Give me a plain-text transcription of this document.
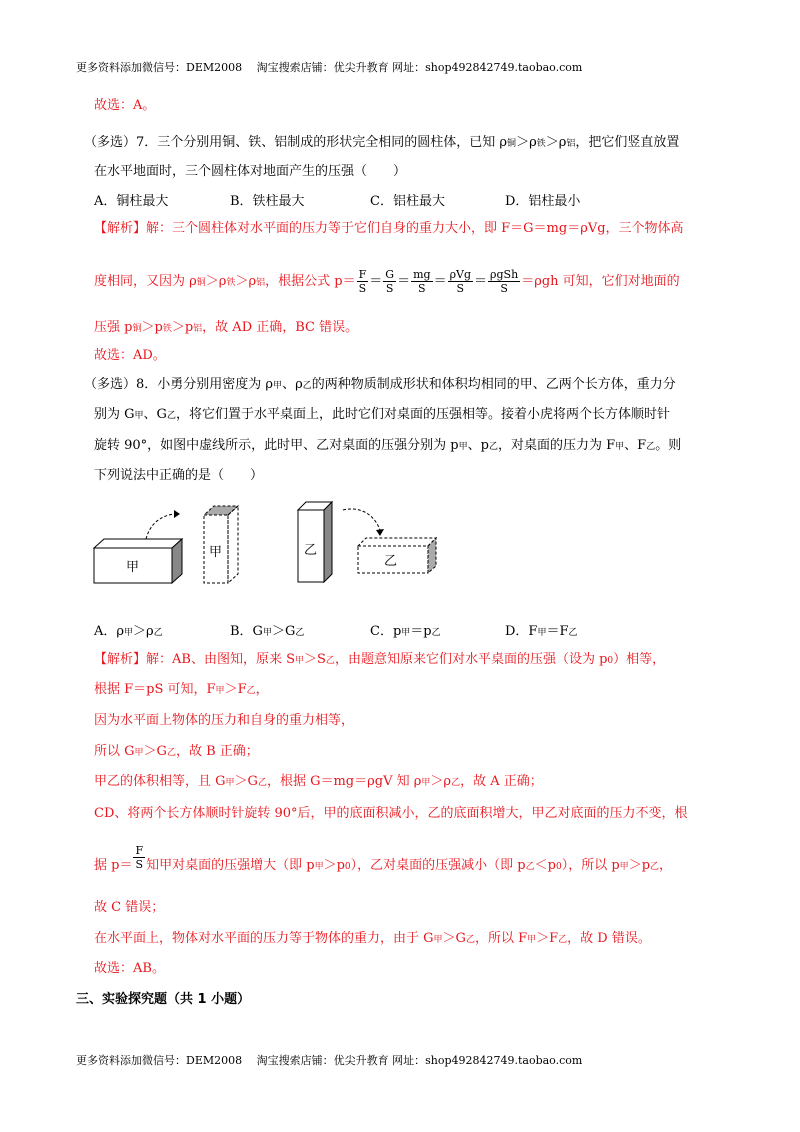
更多资料添加微信号：DEM2008　 淘宝搜索店铺：优尖升教育 网址：shop492842749.taobao.com
故选：A。
（多选）7．三个分别用铜、铁、铝制成的形状完全相同的圆柱体，已知 ρ铜＞ρ铁＞ρ铝，把它们竖直放置
在水平地面时，三个圆柱体对地面产生的压强（　　）
A．铜柱最大	B．铁柱最大	C．铝柱最大	D．铝柱最小
【解析】解：三个圆柱体对水平面的压力等于它们自身的重力大小，即 F＝G＝mg＝ρVg，三个物体高
度相同，又因为 ρ铜＞ρ铁＞ρ铝，根据公式 $p= \frac{F}{S} = \frac{G}{S} = \frac{mg}{S} = \frac{\text{ρVg}}{S} = \frac{\text{ρgSh}}{S} =\rho gh$ 可知，它们对地面的
压强 p铜＞p铁＞p铝，故 AD 正确，BC 错误。
故选：AD。
（多选）8．小勇分别用密度为 ρ甲、ρ乙的两种物质制成形状和体积均相同的甲、乙两个长方体，重力分
别为 G甲、G乙，将它们置于水平桌面上，此时它们对桌面的压强相等。接着小虎将两个长方体顺时针
旋转 90°，如图中虚线所示，此时甲、乙对桌面的压强分别为 p甲、p乙，对桌面的压力为 F甲、F乙。则
下列说法中正确的是（　　）
甲
甲	乙
乙
A．ρ甲＞ρ乙	B．G甲＞G乙	C．p甲＝p乙	D．F甲＝F乙
【解析】解：AB、由图知，原来 S甲＞S乙，由题意知原来它们对水平桌面的压强（设为 p0）相等，
根据 F＝pS 可知，F甲＞F乙，
因为水平面上物体的压力和自身的重力相等，
所以 G甲＞G乙，故 B 正确；
甲乙的体积相等，且 G甲＞G乙，根据 G＝mg＝ρgV 知 ρ甲＞ρ乙，故 A 正确；
CD、将两个长方体顺时针旋转 90°后，甲的底面积减小，乙的底面积增大，甲乙对底面的压力不变，根
据 $p= \frac{F}{S}$ 知甲对桌面的压强增大（即 p甲＞p0），乙对桌面的压强减小（即 p乙＜p0），所以 p甲＞p乙，
故 C 错误；
在水平面上，物体对水平面的压力等于物体的重力，由于 G甲＞G乙，所以 F甲＞F乙，故 D 错误。
故选：AB。
三、实验探究题（共 1 小题）
更多资料添加微信号：DEM2008　 淘宝搜索店铺：优尖升教育 网址：shop492842749.taobao.com
